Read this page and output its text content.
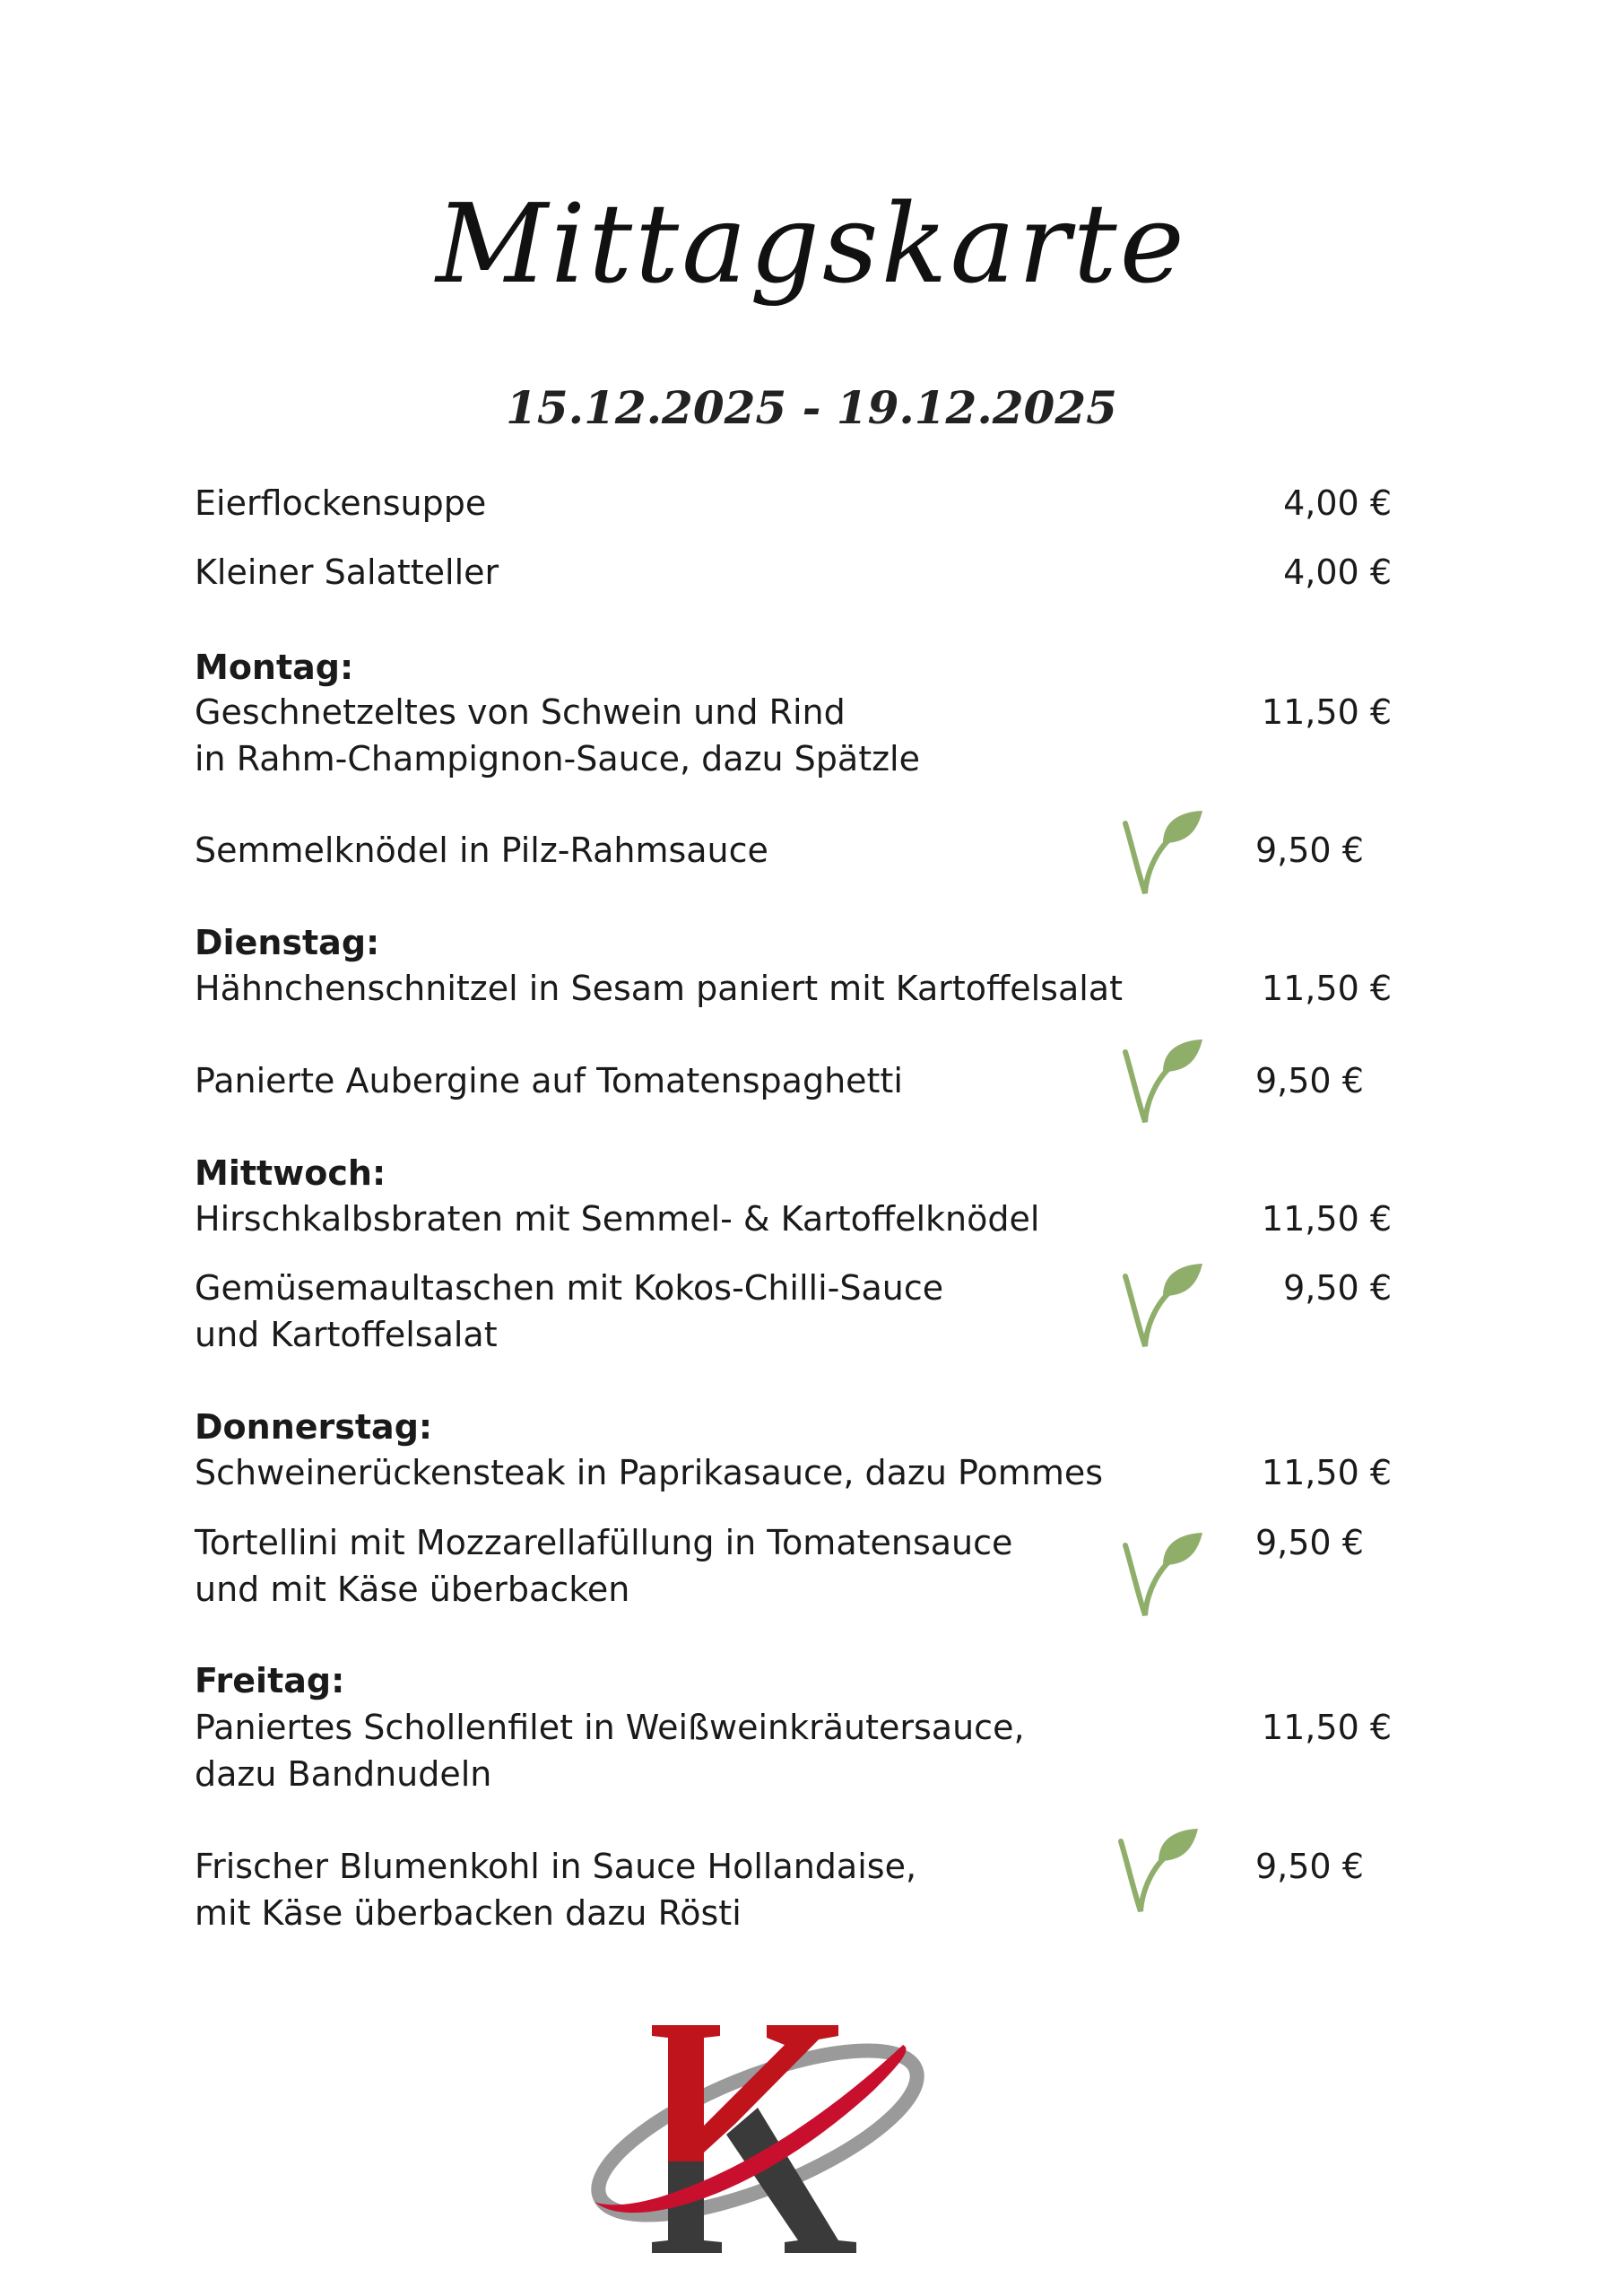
Mittagskarte
15.12.2025 - 19.12.2025
Eierflockensuppe	4,00 €
Kleiner Salatteller	4,00 €
Montag:
Geschnetzeltes von Schwein und Rind
in Rahm-Champignon-Sauce, dazu Spätzle
11,50 €
Semmelknödel in Pilz-Rahmsauce	9,50 €
Dienstag:
Hähnchenschnitzel in Sesam paniert mit Kartoffelsalat	11,50 €
Panierte Aubergine auf Tomatenspaghetti	9,50 €
Mittwoch:
Hirschkalbsbraten mit Semmel- & Kartoffelknödel	11,50 €
Gemüsemaultaschen mit Kokos-Chilli-Sauce
und Kartoffelsalat
9,50 €
Donnerstag:
Schweinerückensteak in Paprikasauce, dazu Pommes	11,50 €
Tortellini mit Mozzarellafüllung in Tomatensauce
und mit Käse überbacken
9,50 €
Freitag:
Paniertes Schollenfilet in Weißweinkräutersauce,
dazu Bandnudeln
11,50 €
Frischer Blumenkohl in Sauce Hollandaise,
mit Käse überbacken dazu Rösti
9,50 €
